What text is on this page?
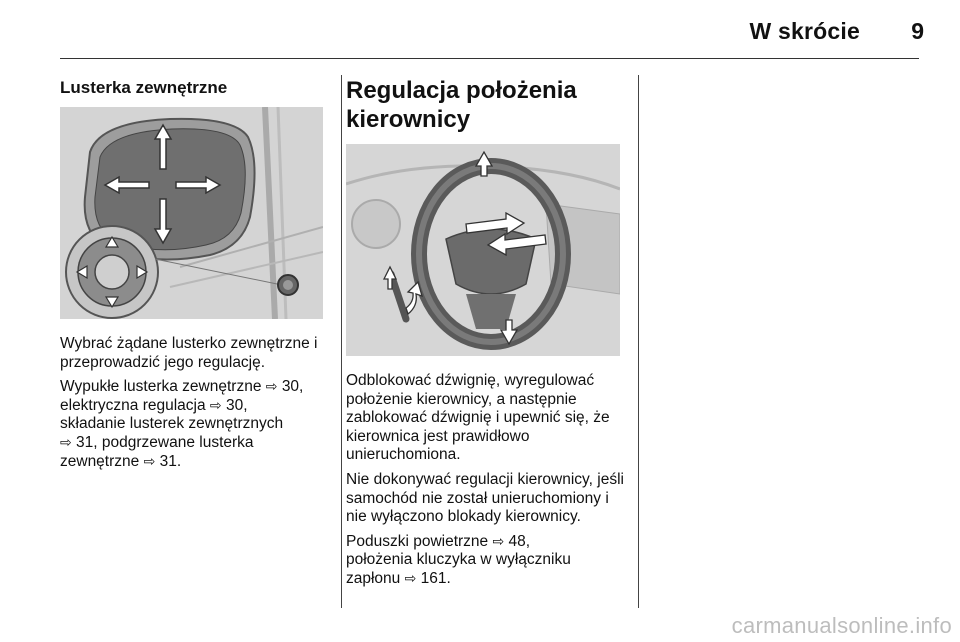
W skrócie 9
Lusterka zewnętrzne

Wybrać żądane lusterko zewnętrzne i przeprowadzić jego regulację.

Wypukłe lusterka zewnętrzne ⇨ 30,
elektryczna regulacja ⇨ 30,
składanie lusterek zewnętrznych
⇨ 31, podgrzewane lusterka
zewnętrzne ⇨ 31.

Regulacja położenia
kierownicy

Odblokować dźwignię, wyregulować położenie kierownicy, a następnie zablokować dźwignię i upewnić się, że kierownica jest prawidłowo unieruchomiona.

Nie dokonywać regulacji kierownicy, jeśli samochód nie został unieruchomiony i nie wyłączono blokady kierownicy.

Poduszki powietrzne ⇨ 48,
położenia kluczyka w wyłączniku
zapłonu ⇨ 161.

carmanualsonline.info
